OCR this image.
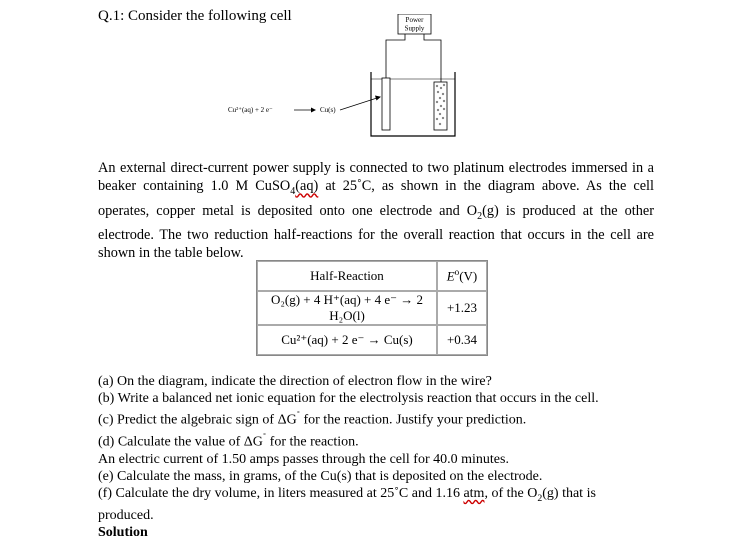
Q.1: Consider the following cell	Power
Supply
Cu²⁺(aq) + 2 e⁻	Cu(s)
An external direct-current power supply is connected to two platinum electrodes immersed in a beaker containing 1.0 M CuSO$_4$(aq) at 25˚C, as shown in the diagram above. As the cell operates, copper metal is deposited onto one electrode and $O_2(g)$ is produced at the other electrode. The two reduction half-reactions for the overall reaction that occurs in the cell are shown in the table below.
Half-Reaction	$E^o(V)$
O₂(g) + 4 H⁺(aq) + 4 e⁻ → 2 H₂O(l)	+1.23
Cu²⁺(aq) + 2 e⁻ → Cu(s)	+0.34
(a) On the diagram, indicate the direction of electron flow in the wire?
(b) Write a balanced net ionic equation for the electrolysis reaction that occurs in the cell.
(c) Predict the algebraic sign of ΔG˚ for the reaction. Justify your prediction.
(d) Calculate the value of ΔG˚ for the reaction.
An electric current of 1.50 amps passes through the cell for 40.0 minutes.
(e) Calculate the mass, in grams, of the Cu(s) that is deposited on the electrode.
(f) Calculate the dry volume, in liters measured at 25˚C and 1.16 atm, of the $O_2(g)$ that is
produced.
Solution
